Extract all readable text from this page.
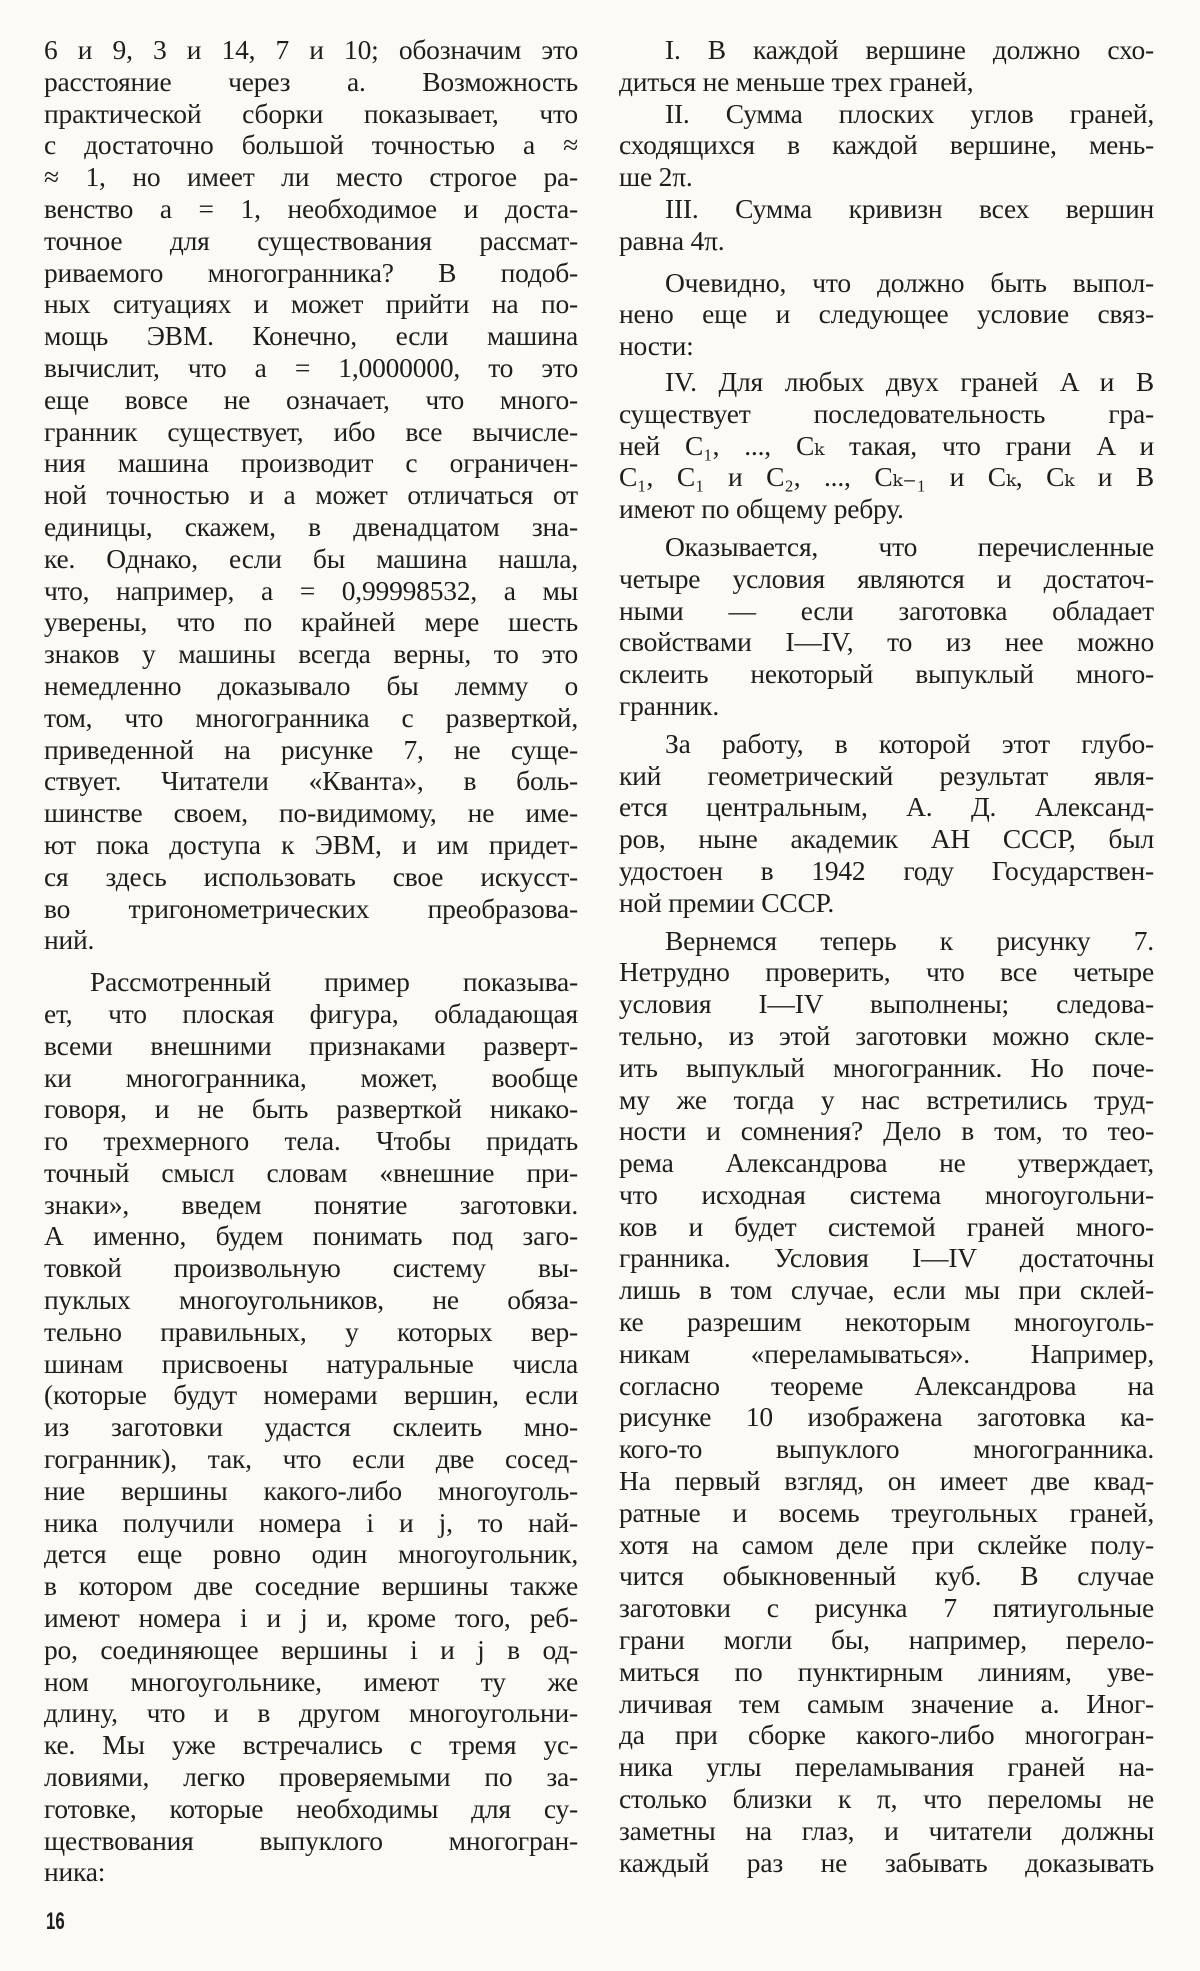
6 и 9, 3 и 14, 7 и 10; обозначим это
расстояние через a. Возможность
практической сборки показывает, что
с достаточно большой точностью a ≈
≈ 1, но имеет ли место строгое ра-
венство a = 1, необходимое и доста-
точное для существования рассмат-
риваемого многогранника? В подоб-
ных ситуациях и может прийти на по-
мощь ЭВМ. Конечно, если машина
вычислит, что a = 1,0000000, то это
еще вовсе не означает, что много-
гранник существует, ибо все вычисле-
ния машина производит с ограничен-
ной точностью и a может отличаться от
единицы, скажем, в двенадцатом зна-
ке. Однако, если бы машина нашла,
что, например, a = 0,99998532, а мы
уверены, что по крайней мере шесть
знаков у машины всегда верны, то это
немедленно доказывало бы лемму о
том, что многогранника с разверткой,
приведенной на рисунке 7, не суще-
ствует. Читатели «Кванта», в боль-
шинстве своем, по-видимому, не име-
ют пока доступа к ЭВМ, и им придет-
ся здесь использовать свое искусст-
во тригонометрических преобразова-
ний.
Рассмотренный пример показыва-
ет, что плоская фигура, обладающая
всеми внешними признаками разверт-
ки многогранника, может, вообще
говоря, и не быть разверткой никако-
го трехмерного тела. Чтобы придать
точный смысл словам «внешние при-
знаки», введем понятие заготовки.
А именно, будем понимать под заго-
товкой произвольную систему вы-
пуклых многоугольников, не обяза-
тельно правильных, у которых вер-
шинам присвоены натуральные числа
(которые будут номерами вершин, если
из заготовки удастся склеить мно-
гогранник), так, что если две сосед-
ние вершины какого-либо многоуголь-
ника получили номера i и j, то най-
дется еще ровно один многоугольник,
в котором две соседние вершины также
имеют номера i и j и, кроме того, реб-
ро, соединяющее вершины i и j в од-
ном многоугольнике, имеют ту же
длину, что и в другом многоугольни-
ке. Мы уже встречались с тремя ус-
ловиями, легко проверяемыми по за-
готовке, которые необходимы для су-
ществования выпуклого многогран-
ника:
I. В каждой вершине должно схо-
диться не меньше трех граней,
II. Сумма плоских углов граней,
сходящихся в каждой вершине, мень-
ше 2π.
III. Сумма кривизн всех вершин
равна 4π.
Очевидно, что должно быть выпол-
нено еще и следующее условие связ-
ности:
IV. Для любых двух граней A и B
существует последовательность гра-
ней C₁, ..., Cₖ такая, что грани A и
C₁, C₁ и C₂, ..., Cₖ₋₁ и Cₖ, Cₖ и B
имеют по общему ребру.
Оказывается, что перечисленные
четыре условия являются и достаточ-
ными — если заготовка обладает
свойствами I—IV, то из нее можно
склеить некоторый выпуклый много-
гранник.
За работу, в которой этот глубо-
кий геометрический результат явля-
ется центральным, А. Д. Александ-
ров, ныне академик АН СССР, был
удостоен в 1942 году Государствен-
ной премии СССР.
Вернемся теперь к рисунку 7.
Нетрудно проверить, что все четыре
условия I—IV выполнены; следова-
тельно, из этой заготовки можно скле-
ить выпуклый многогранник. Но поче-
му же тогда у нас встретились труд-
ности и сомнения? Дело в том, то тео-
рема Александрова не утверждает,
что исходная система многоугольни-
ков и будет системой граней много-
гранника. Условия I—IV достаточны
лишь в том случае, если мы при склей-
ке разрешим некоторым многоуголь-
никам «переламываться». Например,
согласно теореме Александрова на
рисунке 10 изображена заготовка ка-
кого-то выпуклого многогранника.
На первый взгляд, он имеет две квад-
ратные и восемь треугольных граней,
хотя на самом деле при склейке полу-
чится обыкновенный куб. В случае
заготовки с рисунка 7 пятиугольные
грани могли бы, например, перело-
миться по пунктирным линиям, уве-
личивая тем самым значение a. Иног-
да при сборке какого-либо многогран-
ника углы переламывания граней на-
столько близки к π, что переломы не
заметны на глаз, и читатели должны
каждый раз не забывать доказывать
16
